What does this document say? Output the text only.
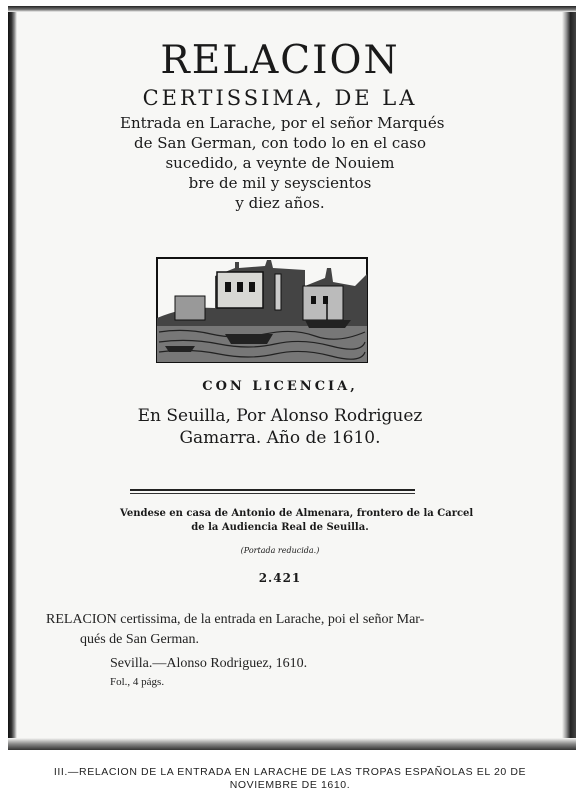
RELACION
CERTISSIMA, DE LA
Entrada en Larache, por el señor Marqués
de San German, con todo lo en el caso
sucedido, a veynte de Nouiem
bre de mil y seyscientos
y diez años.
CON LICENCIA,
En Seuilla, Por Alonso Rodriguez
Gamarra. Año de 1610.
Vendese en casa de Antonio de Almenara, frontero de la Carcel
de la Audiencia Real de Seuilla.
(Portada reducida.)
2.421
RELACION certissima, de la entrada en Larache, poi el señor Mar-
qués de San German.
Sevilla.—Alonso Rodriguez, 1610.
Fol., 4 págs.
III.—RELACION DE LA ENTRADA EN LARACHE DE LAS TROPAS ESPAÑOLAS EL 20 DE
NOVIEMBRE DE 1610.
